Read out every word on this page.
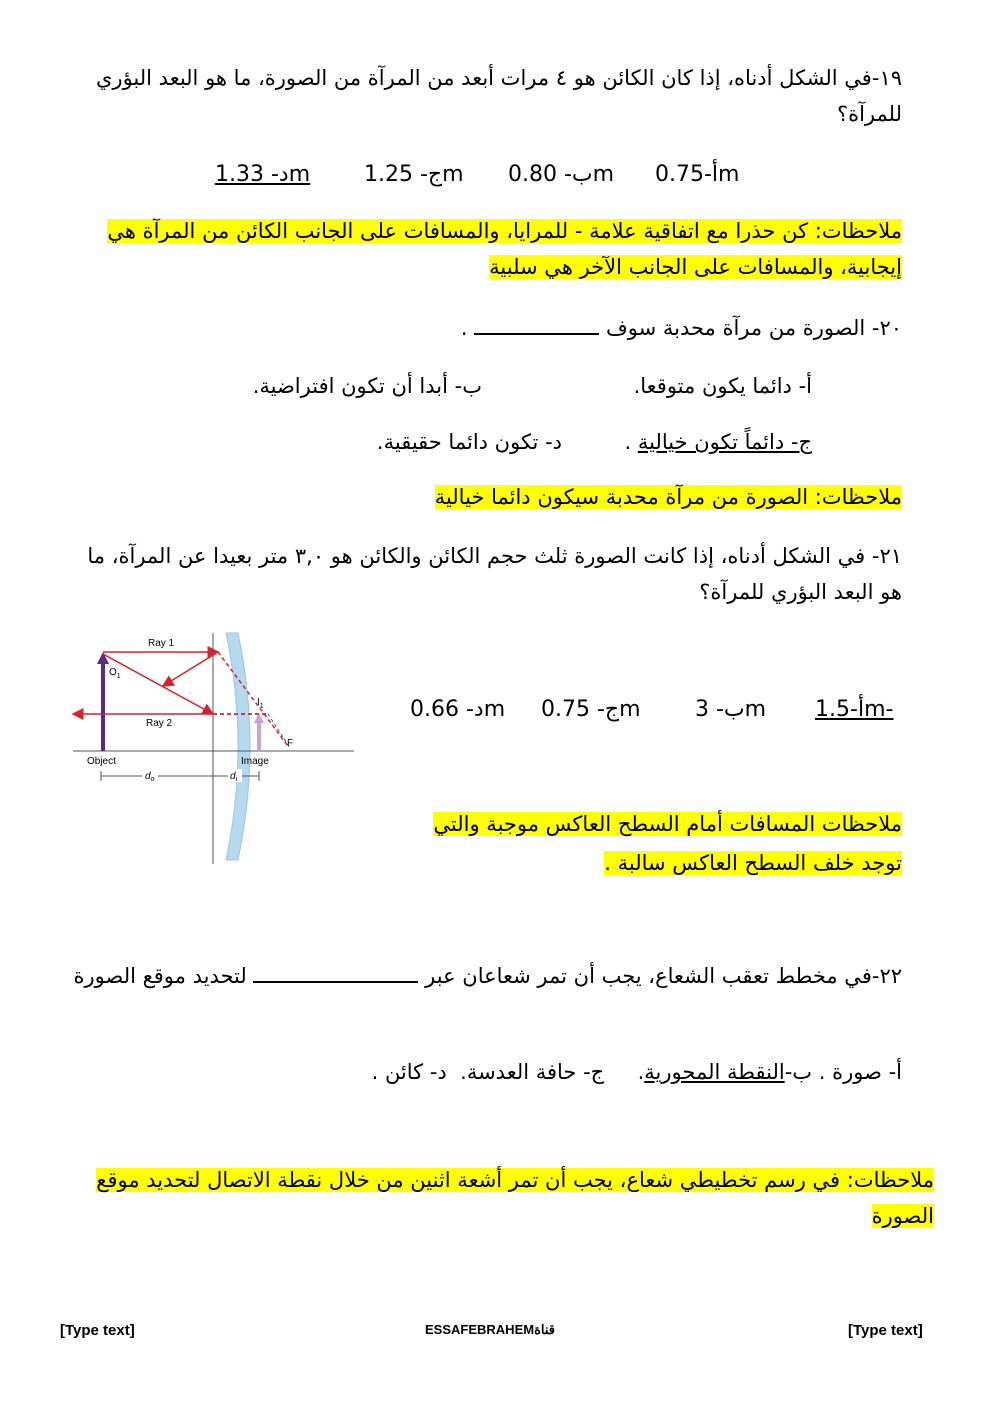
١٩-في الشكل أدناه، إذا كان الكائن هو ٤ مرات أبعد من المرآة من الصورة، ما هو البعد البؤري للمرآة؟
أ-0.75m
ب- 0.80m
ج- 1.25m
د- 1.33m
ملاحظات: كن حذرا مع اتفاقية علامة - للمرايا، والمسافات على الجانب الكائن من المرآة هي إيجابية، والمسافات على الجانب الآخر هي سلبية
٢٠- الصورة من مرآة محدبة سوف  .
أ- دائما يكون متوقعا.
ب- أبدا أن تكون افتراضية.
ج- دائماً تكون خيالية .
د- تكون دائما حقيقية.
ملاحظات: الصورة من مرآة محدبة سيكون دائما خيالية
٢١- في الشكل أدناه، إذا كانت الصورة ثلث حجم الكائن والكائن هو ٣,٠ متر بعيدا عن المرآة، ما هو البعد البؤري للمرآة؟
Ray 1
Ray 2
$O_1$
$I_1$
F
Object	Image
$d_o$	$d_i$
أ-1.5m-
ب- 3m
ج- 0.75m
د- 0.66m
ملاحظات المسافات أمام السطح العاكس موجبة والتي
توجد خلف السطح العاكس سالبة .
٢٢-في مخطط تعقب الشعاع، يجب أن تمر شعاعان عبر  لتحديد موقع الصورة
أ- صورة . ب-النقطة المحورية.     ج- حافة العدسة.  د- كائن .
ملاحظات: في رسم تخطيطي شعاع، يجب أن تمر أشعة اثنين من خلال نقطة الاتصال لتحديد موقع الصورة
[Type text]	ESSAFEBRAHEMقناة	[Type text]
